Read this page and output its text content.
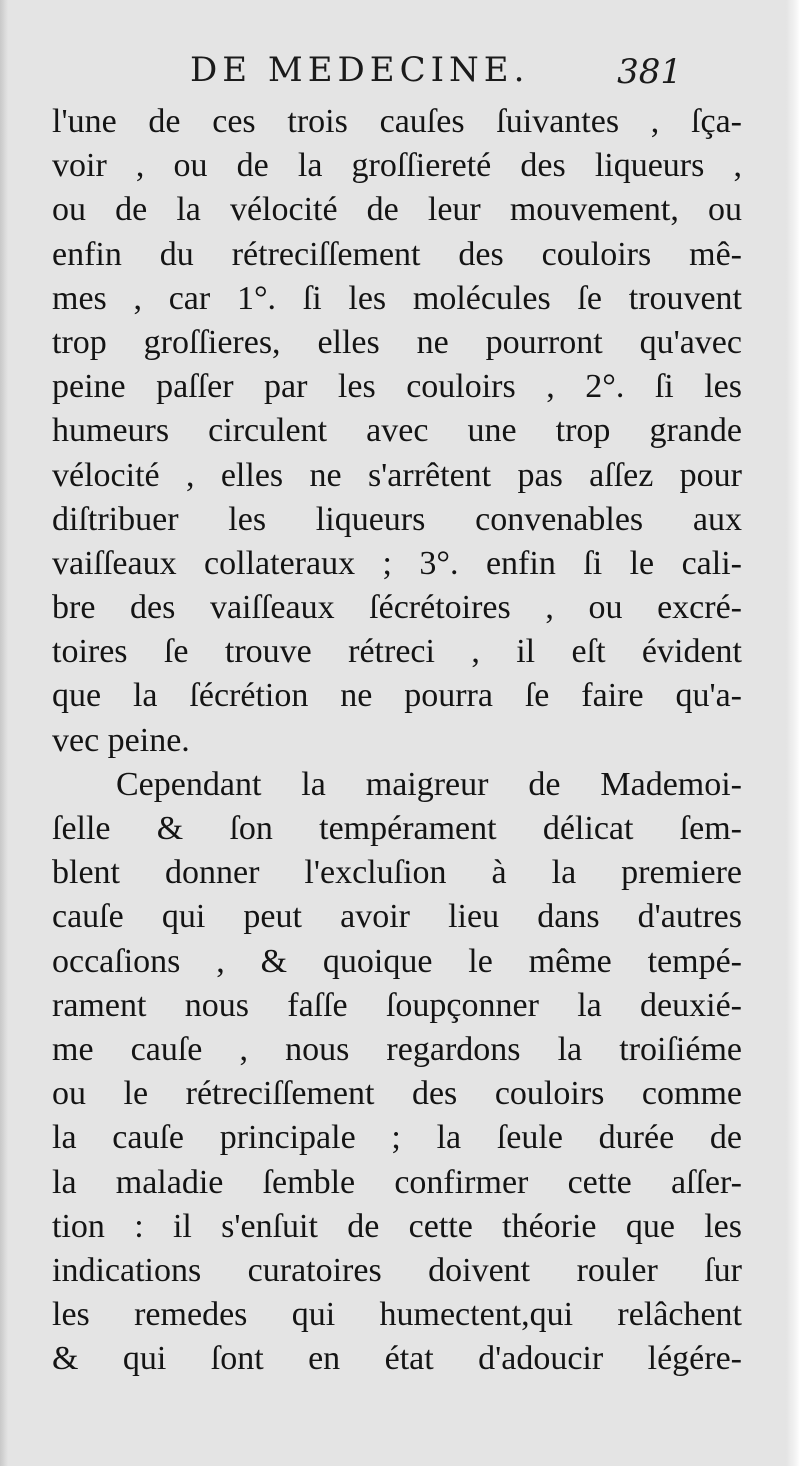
DE MEDECINE.	381
l'une de ces trois cauſes ſuivantes , ſça-
voir , ou de la groſſiereté des liqueurs ,
ou de la vélocité de leur mouvement, ou
enfin du rétreciſſement des couloirs mê-
mes , car 1°. ſi les molécules ſe trouvent
trop groſſieres, elles ne pourront qu'avec
peine paſſer par les couloirs , 2°. ſi les
humeurs circulent avec une trop grande
vélocité , elles ne s'arrêtent pas aſſez pour
diſtribuer les liqueurs convenables aux
vaiſſeaux collateraux ; 3°. enfin ſi le cali-
bre des vaiſſeaux ſécrétoires , ou excré-
toires ſe trouve rétreci , il eſt évident
que la ſécrétion ne pourra ſe faire qu'a-
vec peine.
Cependant la maigreur de Mademoi-
ſelle & ſon tempérament délicat ſem-
blent donner l'excluſion à la premiere
cauſe qui peut avoir lieu dans d'autres
occaſions , & quoique le même tempé-
rament nous faſſe ſoupçonner la deuxié-
me cauſe , nous regardons la troiſiéme
ou le rétreciſſement des couloirs comme
la cauſe principale ; la ſeule durée de
la maladie ſemble confirmer cette aſſer-
tion : il s'enſuit de cette théorie que les
indications curatoires doivent rouler ſur
les remedes qui humectent,qui relâchent
& qui ſont en état d'adoucir légére-
